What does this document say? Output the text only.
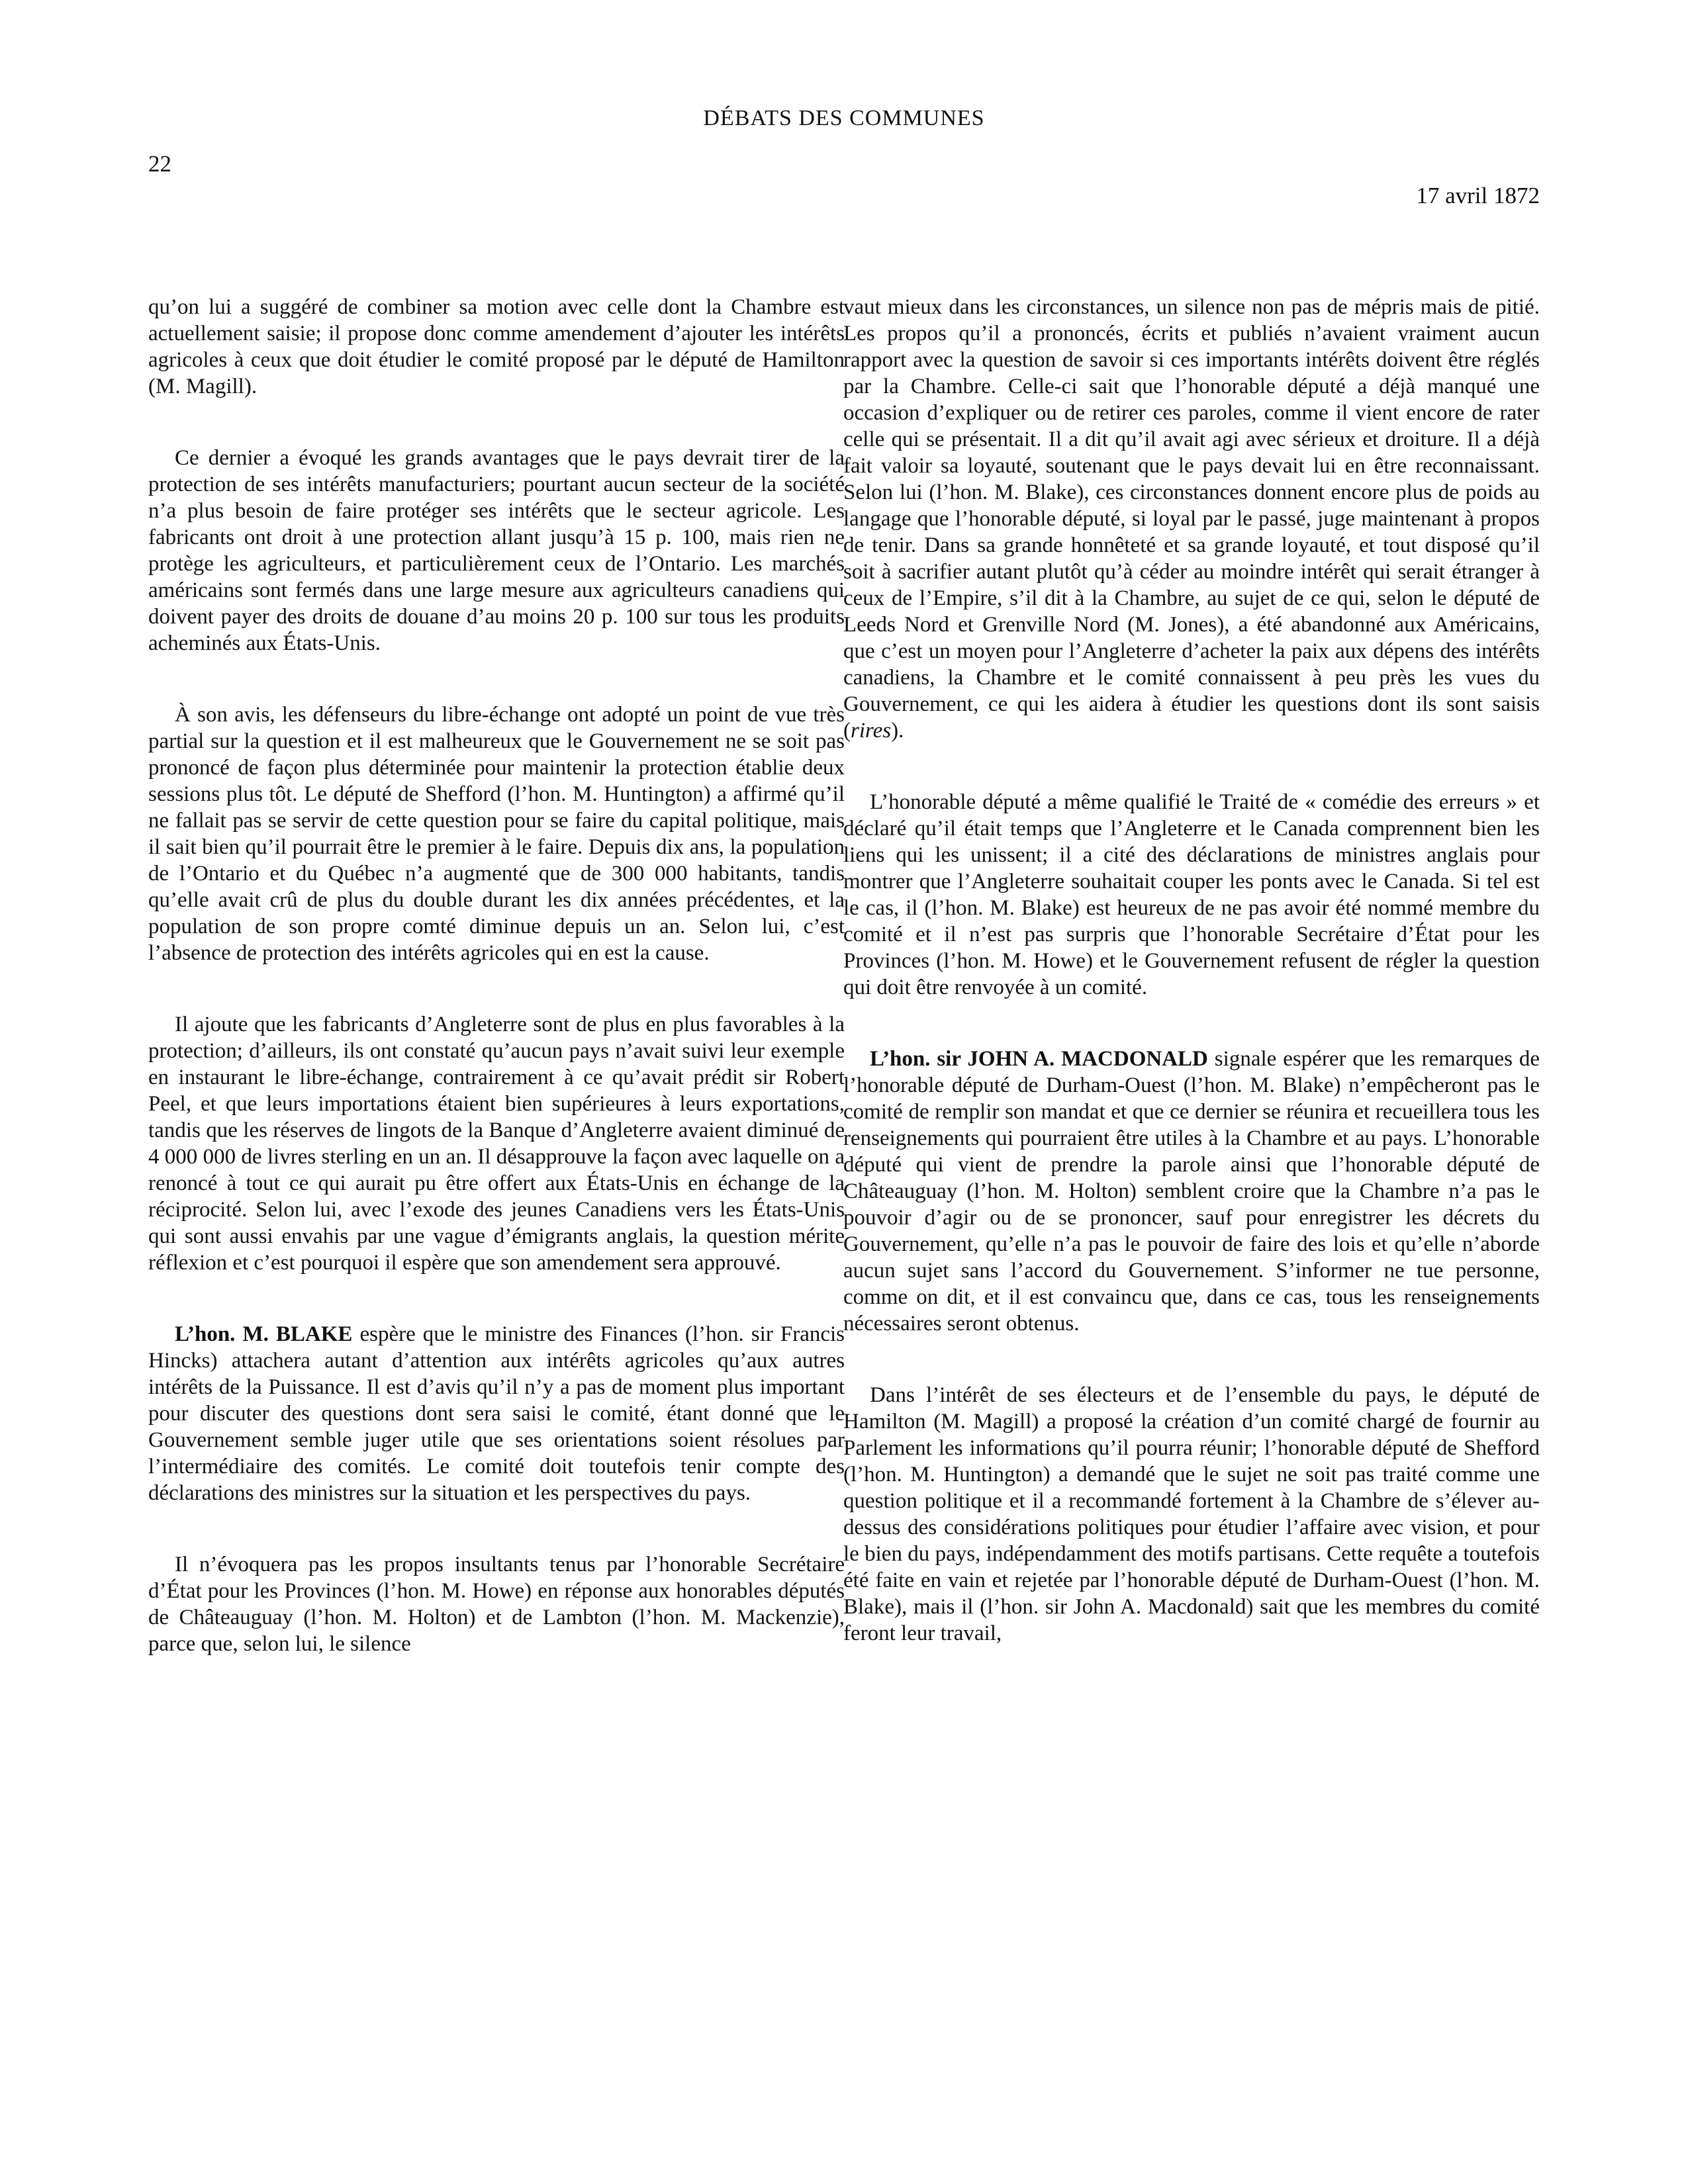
DÉBATS DES COMMUNES
22
17 avril 1872

qu’on lui a suggéré de combiner sa motion avec celle dont la Chambre est actuellement saisie; il propose donc comme amendement d’ajouter les intérêts agricoles à ceux que doit étudier le comité proposé par le député de Hamilton (M. Magill).

Ce dernier a évoqué les grands avantages que le pays devrait tirer de la protection de ses intérêts manufacturiers; pourtant aucun secteur de la société n’a plus besoin de faire protéger ses intérêts que le secteur agricole. Les fabricants ont droit à une protection allant jusqu’à 15 p. 100, mais rien ne protège les agriculteurs, et particulièrement ceux de l’Ontario. Les marchés américains sont fermés dans une large mesure aux agriculteurs canadiens qui doivent payer des droits de douane d’au moins 20 p. 100 sur tous les produits acheminés aux États-Unis.

À son avis, les défenseurs du libre-échange ont adopté un point de vue très partial sur la question et il est malheureux que le Gouvernement ne se soit pas prononcé de façon plus déterminée pour maintenir la protection établie deux sessions plus tôt. Le député de Shefford (l’hon. M. Huntington) a affirmé qu’il ne fallait pas se servir de cette question pour se faire du capital politique, mais il sait bien qu’il pourrait être le premier à le faire. Depuis dix ans, la population de l’Ontario et du Québec n’a augmenté que de 300 000 habitants, tandis qu’elle avait crû de plus du double durant les dix années précédentes, et la population de son propre comté diminue depuis un an. Selon lui, c’est l’absence de protection des intérêts agricoles qui en est la cause.

Il ajoute que les fabricants d’Angleterre sont de plus en plus favorables à la protection; d’ailleurs, ils ont constaté qu’aucun pays n’avait suivi leur exemple en instaurant le libre-échange, contrairement à ce qu’avait prédit sir Robert Peel, et que leurs importations étaient bien supérieures à leurs exportations, tandis que les réserves de lingots de la Banque d’Angleterre avaient diminué de 4 000 000 de livres sterling en un an. Il désapprouve la façon avec laquelle on a renoncé à tout ce qui aurait pu être offert aux États-Unis en échange de la réciprocité. Selon lui, avec l’exode des jeunes Canadiens vers les États-Unis qui sont aussi envahis par une vague d’émigrants anglais, la question mérite réflexion et c’est pourquoi il espère que son amendement sera approuvé.

L’hon. M. BLAKE espère que le ministre des Finances (l’hon. sir Francis Hincks) attachera autant d’attention aux intérêts agricoles qu’aux autres intérêts de la Puissance. Il est d’avis qu’il n’y a pas de moment plus important pour discuter des questions dont sera saisi le comité, étant donné que le Gouvernement semble juger utile que ses orientations soient résolues par l’intermédiaire des comités. Le comité doit toutefois tenir compte des déclarations des ministres sur la situation et les perspectives du pays.

Il n’évoquera pas les propos insultants tenus par l’honorable Secrétaire d’État pour les Provinces (l’hon. M. Howe) en réponse aux honorables députés de Châteauguay (l’hon. M. Holton) et de Lambton (l’hon. M. Mackenzie), parce que, selon lui, le silence

vaut mieux dans les circonstances, un silence non pas de mépris mais de pitié. Les propos qu’il a prononcés, écrits et publiés n’avaient vraiment aucun rapport avec la question de savoir si ces importants intérêts doivent être réglés par la Chambre. Celle-ci sait que l’honorable député a déjà manqué une occasion d’expliquer ou de retirer ces paroles, comme il vient encore de rater celle qui se présentait. Il a dit qu’il avait agi avec sérieux et droiture. Il a déjà fait valoir sa loyauté, soutenant que le pays devait lui en être reconnaissant. Selon lui (l’hon. M. Blake), ces circonstances donnent encore plus de poids au langage que l’honorable député, si loyal par le passé, juge maintenant à propos de tenir. Dans sa grande honnêteté et sa grande loyauté, et tout disposé qu’il soit à sacrifier autant plutôt qu’à céder au moindre intérêt qui serait étranger à ceux de l’Empire, s’il dit à la Chambre, au sujet de ce qui, selon le député de Leeds Nord et Grenville Nord (M. Jones), a été abandonné aux Américains, que c’est un moyen pour l’Angleterre d’acheter la paix aux dépens des intérêts canadiens, la Chambre et le comité connaissent à peu près les vues du Gouvernement, ce qui les aidera à étudier les questions dont ils sont saisis (rires).

L’honorable député a même qualifié le Traité de « comédie des erreurs » et déclaré qu’il était temps que l’Angleterre et le Canada comprennent bien les liens qui les unissent; il a cité des déclarations de ministres anglais pour montrer que l’Angleterre souhaitait couper les ponts avec le Canada. Si tel est le cas, il (l’hon. M. Blake) est heureux de ne pas avoir été nommé membre du comité et il n’est pas surpris que l’honorable Secrétaire d’État pour les Provinces (l’hon. M. Howe) et le Gouvernement refusent de régler la question qui doit être renvoyée à un comité.

L’hon. sir JOHN A. MACDONALD signale espérer que les remarques de l’honorable député de Durham-Ouest (l’hon. M. Blake) n’empêcheront pas le comité de remplir son mandat et que ce dernier se réunira et recueillera tous les renseignements qui pourraient être utiles à la Chambre et au pays. L’honorable député qui vient de prendre la parole ainsi que l’honorable député de Châteauguay (l’hon. M. Holton) semblent croire que la Chambre n’a pas le pouvoir d’agir ou de se prononcer, sauf pour enregistrer les décrets du Gouvernement, qu’elle n’a pas le pouvoir de faire des lois et qu’elle n’aborde aucun sujet sans l’accord du Gouvernement. S’informer ne tue personne, comme on dit, et il est convaincu que, dans ce cas, tous les renseignements nécessaires seront obtenus.

Dans l’intérêt de ses électeurs et de l’ensemble du pays, le député de Hamilton (M. Magill) a proposé la création d’un comité chargé de fournir au Parlement les informations qu’il pourra réunir; l’honorable député de Shefford (l’hon. M. Huntington) a demandé que le sujet ne soit pas traité comme une question politique et il a recommandé fortement à la Chambre de s’élever au-dessus des considérations politiques pour étudier l’affaire avec vision, et pour le bien du pays, indépendamment des motifs partisans. Cette requête a toutefois été faite en vain et rejetée par l’honorable député de Durham-Ouest (l’hon. M. Blake), mais il (l’hon. sir John A. Macdonald) sait que les membres du comité feront leur travail,
